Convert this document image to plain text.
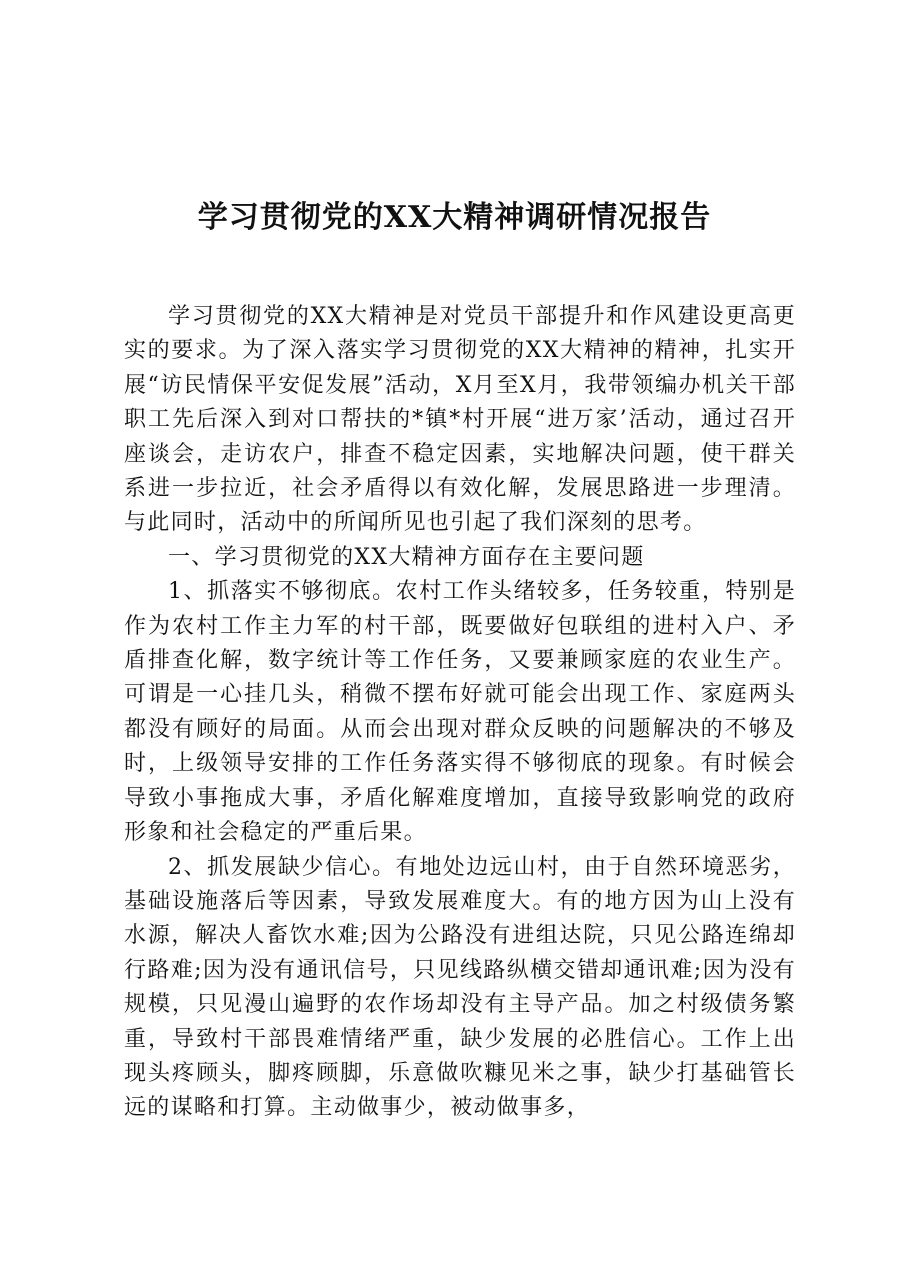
学习贯彻党的XX大精神调研情况报告

学习贯彻党的XX大精神是对党员干部提升和作风建设更高更实的要求。为了深入落实学习贯彻党的XX大精神的精神，扎实开展“访民情保平安促发展”活动，X月至X月，我带领编办机关干部职工先后深入到对口帮扶的*镇*村开展“进万家’活动，通过召开座谈会，走访农户，排查不稳定因素，实地解决问题，使干群关系进一步拉近，社会矛盾得以有效化解，发展思路进一步理清。与此同时，活动中的所闻所见也引起了我们深刻的思考。

一、学习贯彻党的XX大精神方面存在主要问题

1、抓落实不够彻底。农村工作头绪较多，任务较重，特别是作为农村工作主力军的村干部，既要做好包联组的进村入户、矛盾排查化解，数字统计等工作任务，又要兼顾家庭的农业生产。可谓是一心挂几头，稍微不摆布好就可能会出现工作、家庭两头都没有顾好的局面。从而会出现对群众反映的问题解决的不够及时，上级领导安排的工作任务落实得不够彻底的现象。有时候会导致小事拖成大事，矛盾化解难度增加，直接导致影响党的政府形象和社会稳定的严重后果。

2、抓发展缺少信心。有地处边远山村，由于自然环境恶劣，基础设施落后等因素，导致发展难度大。有的地方因为山上没有水源，解决人畜饮水难;因为公路没有进组达院，只见公路连绵却行路难;因为没有通讯信号，只见线路纵横交错却通讯难;因为没有规模，只见漫山遍野的农作场却没有主导产品。加之村级债务繁重，导致村干部畏难情绪严重，缺少发展的必胜信心。工作上出现头疼顾头，脚疼顾脚，乐意做吹糠见米之事，缺少打基础管长远的谋略和打算。主动做事少，被动做事多，
